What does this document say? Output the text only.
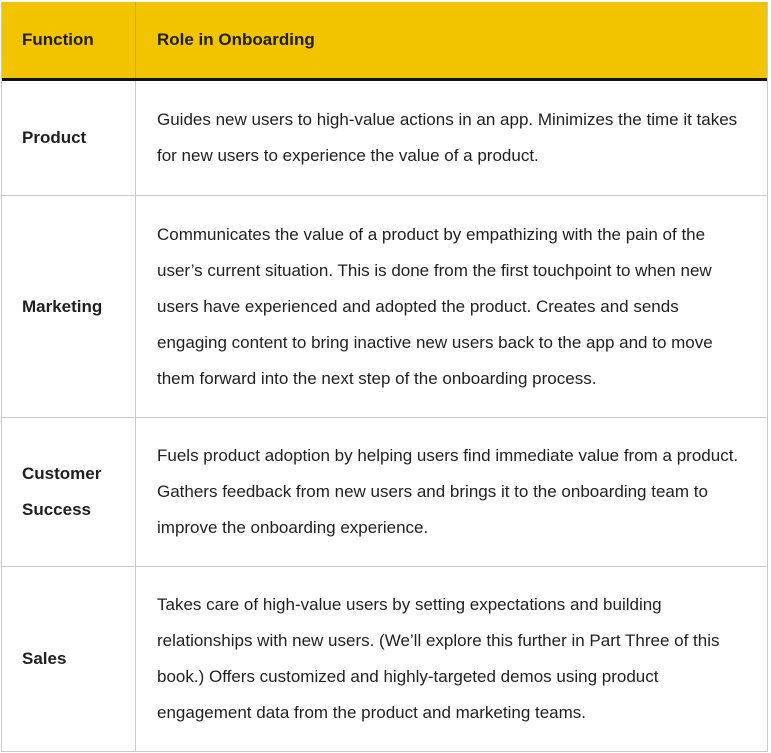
Function	Role in Onboarding
Product
Guides new users to high-value actions in an app. Minimizes the time it takes for new users to experience the value of a product.
Marketing
Communicates the value of a product by empathizing with the pain of the user’s current situation. This is done from the first touchpoint to when new users have experienced and adopted the product. Creates and sends engaging content to bring inactive new users back to the app and to move them forward into the next step of the onboarding process.
Customer Success
Fuels product adoption by helping users find immediate value from a product. Gathers feedback from new users and brings it to the onboarding team to improve the onboarding experience.
Sales
Takes care of high-value users by setting expectations and building relationships with new users. (We’ll explore this further in Part Three of this book.) Offers customized and highly-targeted demos using product engagement data from the product and marketing teams.
